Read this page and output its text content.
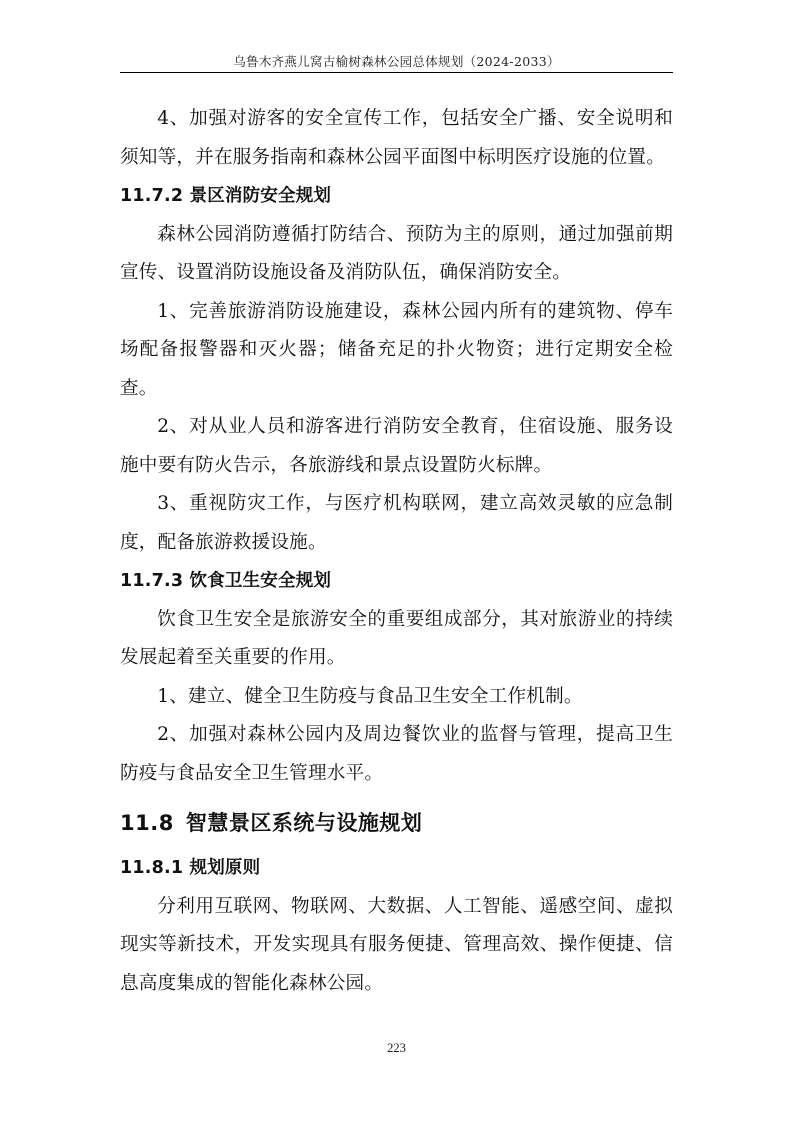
乌鲁木齐燕儿窝古榆树森林公园总体规划（2024-2033）

4、加强对游客的安全宣传工作，包括安全广播、安全说明和须知等，并在服务指南和森林公园平面图中标明医疗设施的位置。

11.7.2 景区消防安全规划

森林公园消防遵循打防结合、预防为主的原则，通过加强前期宣传、设置消防设施设备及消防队伍，确保消防安全。

1、完善旅游消防设施建设，森林公园内所有的建筑物、停车场配备报警器和灭火器；储备充足的扑火物资；进行定期安全检查。

2、对从业人员和游客进行消防安全教育，住宿设施、服务设施中要有防火告示，各旅游线和景点设置防火标牌。

3、重视防灾工作，与医疗机构联网，建立高效灵敏的应急制度，配备旅游救援设施。

11.7.3 饮食卫生安全规划

饮食卫生安全是旅游安全的重要组成部分，其对旅游业的持续发展起着至关重要的作用。

1、建立、健全卫生防疫与食品卫生安全工作机制。

2、加强对森林公园内及周边餐饮业的监督与管理，提高卫生防疫与食品安全卫生管理水平。

11.8 智慧景区系统与设施规划
11.8.1 规划原则

分利用互联网、物联网、大数据、人工智能、遥感空间、虚拟现实等新技术，开发实现具有服务便捷、管理高效、操作便捷、信息高度集成的智能化森林公园。

223
